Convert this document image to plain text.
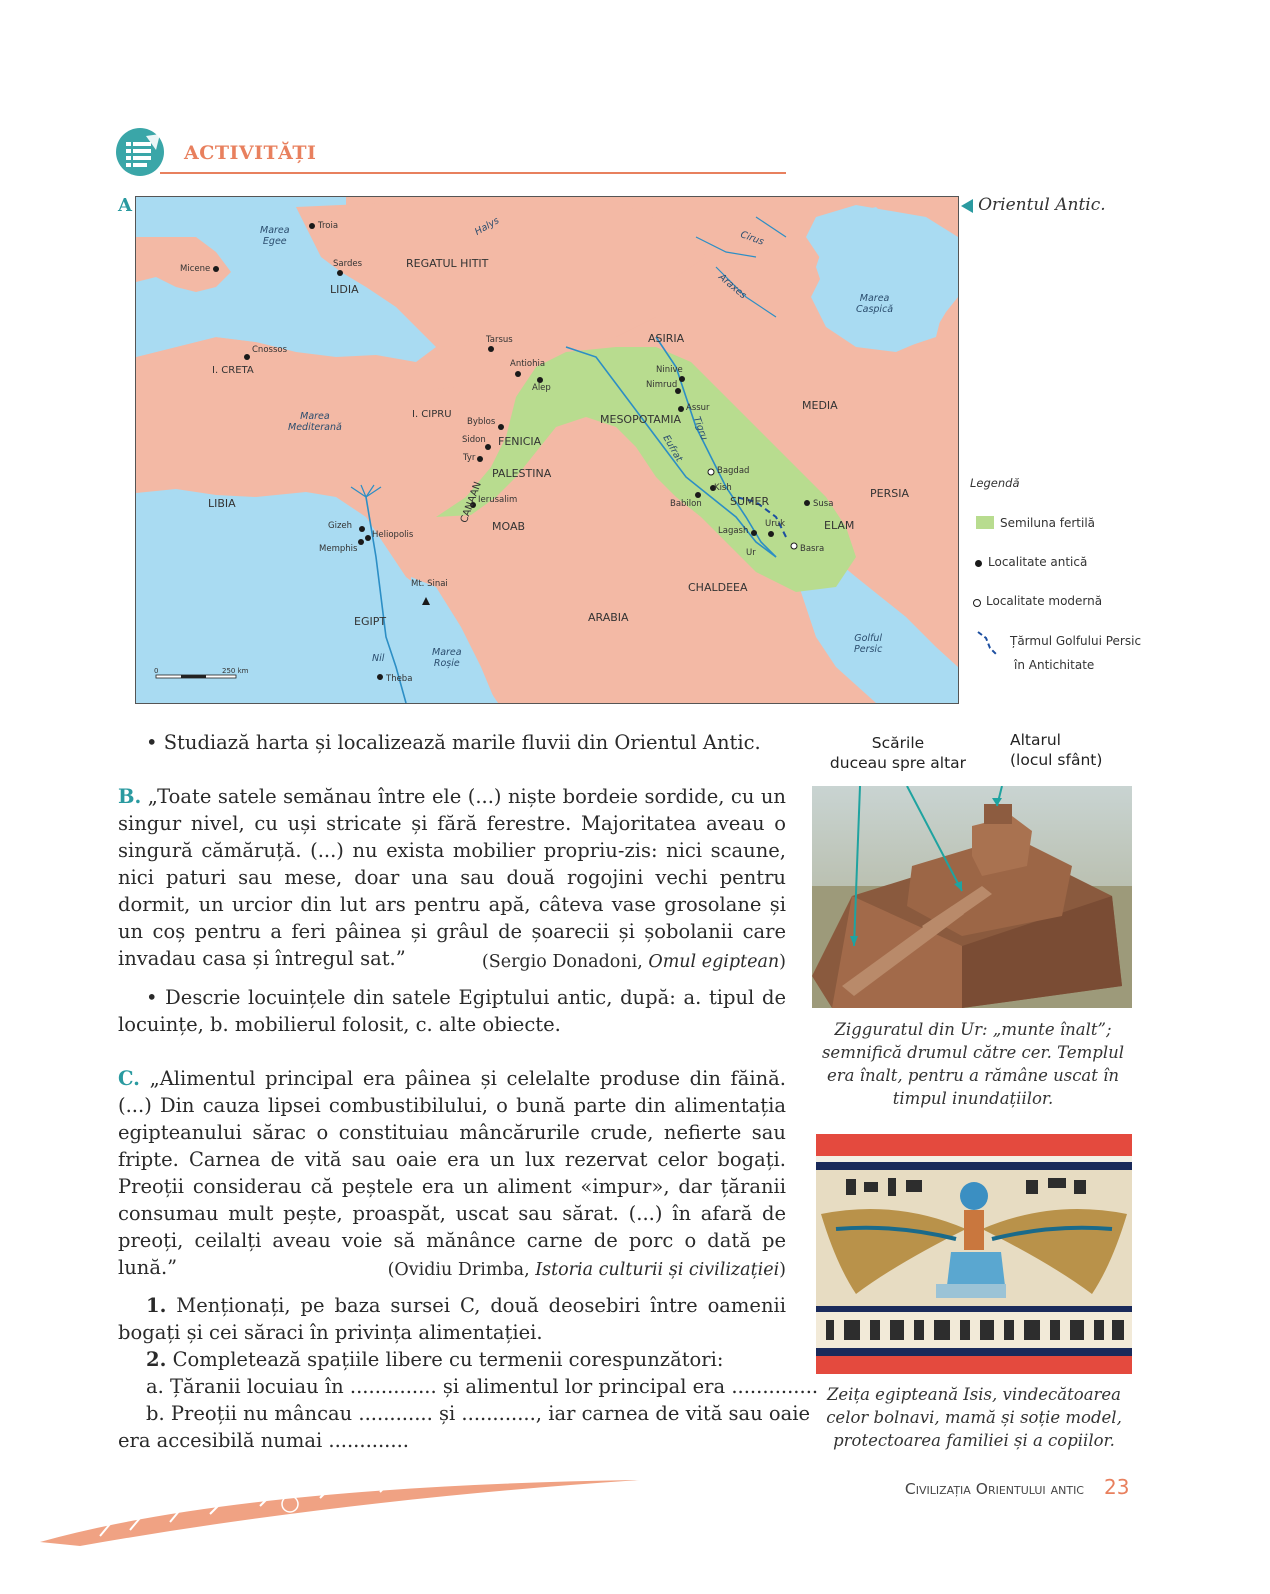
ACTIVITĂȚI
A	Orientul Antic.
Marea
Egee
Troia
Sardes
LIDIA
REGATUL HITIT
Halys
Cirus
Araxes	Marea
Caspică
Micene
Cnossos
I. CRETA
Tarsus
Antiohia
Alep
ASIRIA
Ninive
Nimrud
Assur
MESOPOTAMIA
MEDIA
Marea
Mediterană
I. CIPRU
Byblos
Sidon
Tyr
FENICIA
PALESTINA
CANAAN
Ierusalim
MOAB
Tigru
Eufrat
Bagdad
Kish
Babilon	SUMER
Lagash
Uruk
Ur	Basra
Susa
ELAM
PERSIA
LIBIA
Gizeh
Memphis
Heliopolis
Mt. Sinai
EGIPT
Nil
Theba
Marea
Roșie
ARABIA
CHALDEEA
Golful
Persic
0	250 km
Legendă
Semiluna fertilă
Localitate antică
Localitate modernă
Țărmul Golfului Persic
în Antichitate
• Studiază harta și localizează marile fluvii din Orientul Antic.
B. „Toate satele semănau între ele (...) niște bordeie sordide, cu un singur nivel, cu uși stricate și fără ferestre. Majoritatea aveau o singură cămăruță. (...) nu exista mobilier propriu-zis: nici scaune, nici paturi sau mese, doar una sau două rogojini vechi pentru dormit, un urcior din lut ars pentru apă, câteva vase grosolane și un coș pentru a feri pâinea și grâul de șoarecii și șobolanii care invadau casa și întregul sat.”	(Sergio Donadoni, Omul egiptean)
• Descrie locuințele din satele Egiptului antic, după: a. tipul de locuințe, b. mobilierul folosit, c. alte obiecte.
C. „Alimentul principal era pâinea și celelalte produse din făină. (...) Din cauza lipsei combustibilului, o bună parte din alimentația egipteanului sărac o constituiau mâncărurile crude, nefierte sau fripte. Carnea de vită sau oaie era un lux rezervat celor bogați. Preoții considerau că peștele era un aliment «impur», dar țăranii consumau mult pește, proaspăt, uscat sau sărat. (...) în afară de preoți, ceilalți aveau voie să mănânce carne de porc o dată pe lună.”	(Ovidiu Drimba, Istoria culturii și civilizației)
1. Menționați, pe baza sursei C, două deosebiri între oamenii bogați și cei săraci în privința alimentației.
2. Completează spațiile libere cu termenii corespunzători:
a. Țăranii locuiau în .............. și alimentul lor principal era ..............
b. Preoții nu mâncau ............ și ............, iar carnea de vită sau oaie
era accesibilă numai .............
Scările
duceau spre altar
Altarul
(locul sfânt)
Zigguratul din Ur: „munte înalt”; semnifică drumul către cer. Templul era înalt, pentru a rămâne uscat în timpul inundațiilor.
Zeița egipteană Isis, vindecătoarea celor bolnavi, mamă și soție model, protectoarea familiei și a copiilor.
Civilizația Orientului antic 23
